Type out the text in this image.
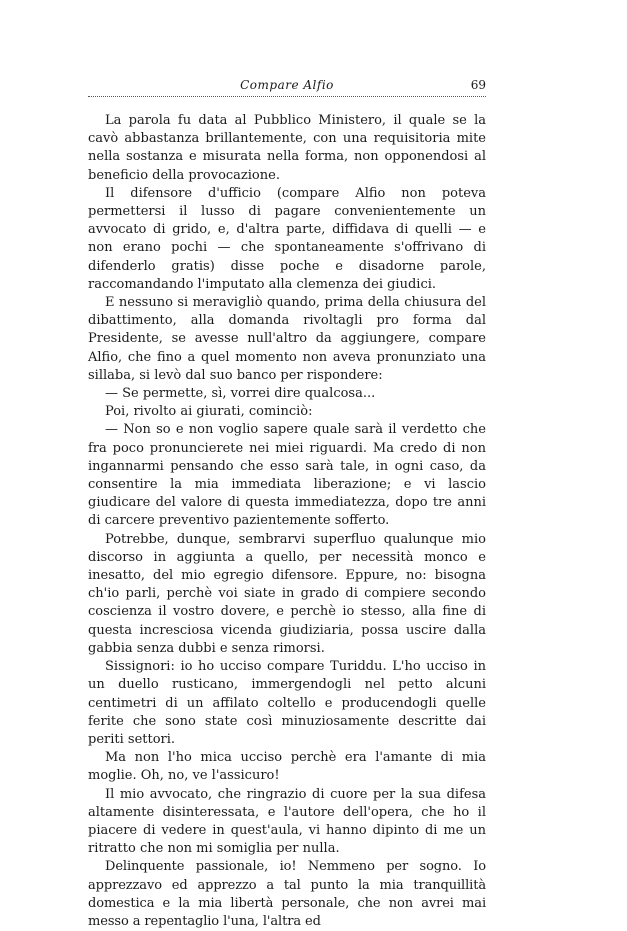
Compare Alfio	69

La parola fu data al Pubblico Ministero, il quale se la cavò abbastanza brillantemente, con una requisitoria mite nella sostanza e misurata nella forma, non opponendosi al beneficio della provocazione.

Il difensore d'ufficio (compare Alfio non poteva permettersi il lusso di pagare convenientemente un avvocato di grido, e, d'altra parte, diffidava di quelli — e non erano pochi — che spontaneamente s'offrivano di difenderlo gratis) disse poche e disadorne parole, raccomandando l'imputato alla clemenza dei giudici.

E nessuno si meravigliò quando, prima della chiusura del dibattimento, alla domanda rivoltagli pro forma dal Presidente, se avesse null'altro da aggiungere, compare Alfio, che fino a quel momento non aveva pronunziato una sillaba, si levò dal suo banco per rispondere:

— Se permette, sì, vorrei dire qualcosa...

Poi, rivolto ai giurati, cominciò:

— Non so e non voglio sapere quale sarà il verdetto che fra poco pronuncierete nei miei riguardi. Ma credo di non ingannarmi pensando che esso sarà tale, in ogni caso, da consentire la mia immediata liberazione; e vi lascio giudicare del valore di questa immediatezza, dopo tre anni di carcere preventivo pazientemente sofferto.

Potrebbe, dunque, sembrarvi superfluo qualunque mio discorso in aggiunta a quello, per necessità monco e inesatto, del mio egregio difensore. Eppure, no: bisogna ch'io parli, perchè voi siate in grado di compiere secondo coscienza il vostro dovere, e perchè io stesso, alla fine di questa incresciosa vicenda giudiziaria, possa uscire dalla gabbia senza dubbi e senza rimorsi.

Sissignori: io ho ucciso compare Turiddu. L'ho ucciso in un duello rusticano, immergendogli nel petto alcuni centimetri di un affilato coltello e producendogli quelle ferite che sono state così minuziosamente descritte dai periti settori.

Ma non l'ho mica ucciso perchè era l'amante di mia moglie. Oh, no, ve l'assicuro!

Il mio avvocato, che ringrazio di cuore per la sua difesa altamente disinteressata, e l'autore dell'opera, che ho il piacere di vedere in quest'aula, vi hanno dipinto di me un ritratto che non mi somiglia per nulla.

Delinquente passionale, io! Nemmeno per sogno. Io apprezzavo ed apprezzo a tal punto la mia tranquillità domestica e la mia libertà personale, che non avrei mai messo a repentaglio l'una, l'altra ed
